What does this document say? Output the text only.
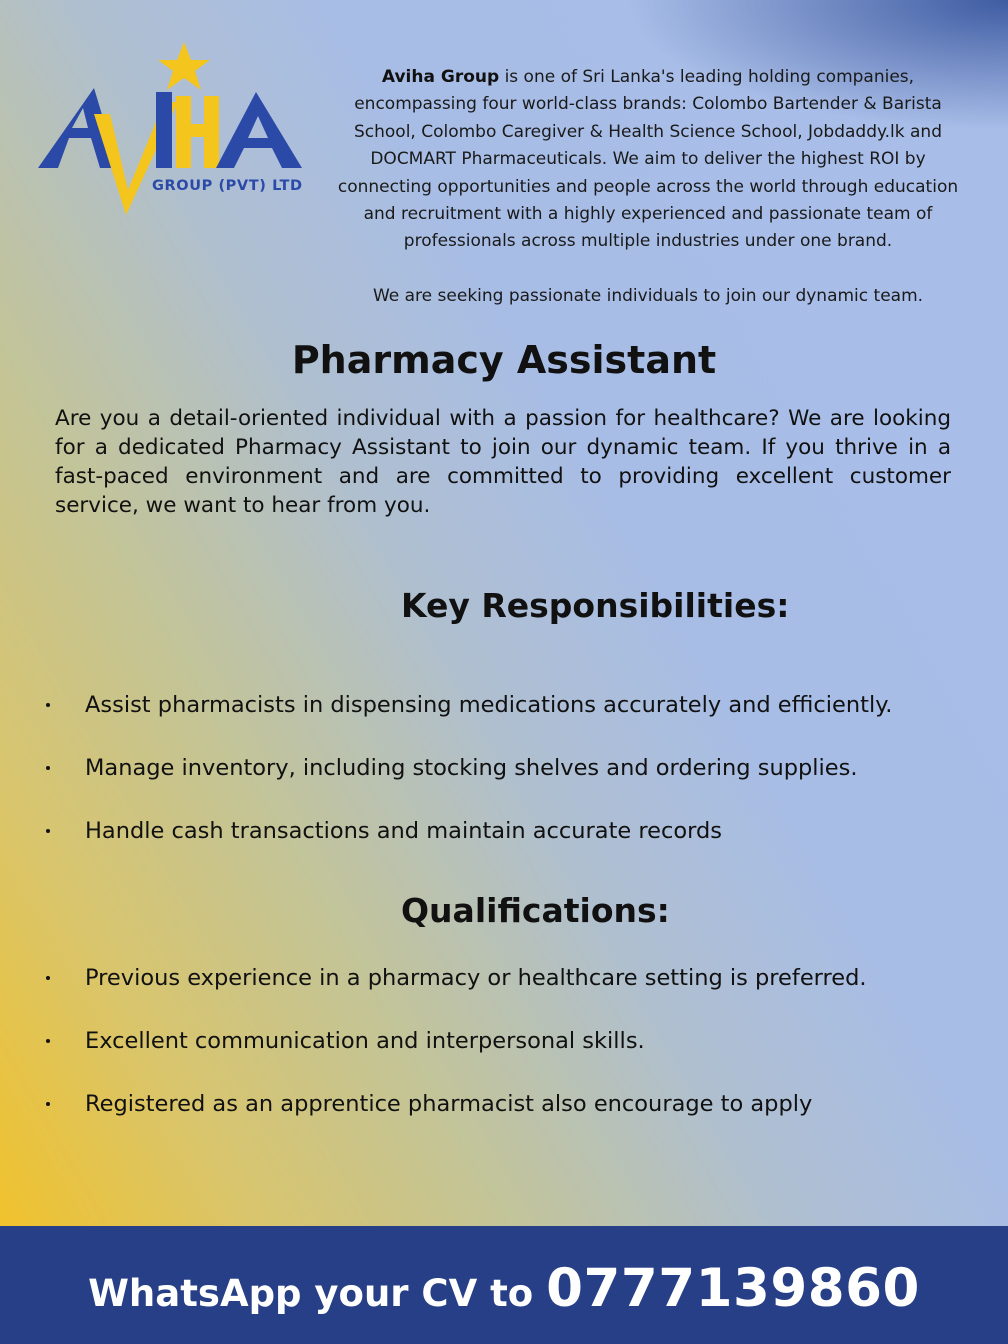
GROUP (PVT) LTD

Aviha Group is one of Sri Lanka's leading holding companies, encompassing four world-class brands: Colombo Bartender & Barista School, Colombo Caregiver & Health Science School, Jobdaddy.lk and DOCMART Pharmaceuticals. We aim to deliver the highest ROI by connecting opportunities and people across the world through education and recruitment with a highly experienced and passionate team of professionals across multiple industries under one brand.

We are seeking passionate individuals to join our dynamic team.

Pharmacy Assistant

Are you a detail-oriented individual with a passion for healthcare? We are looking for a dedicated Pharmacy Assistant to join our dynamic team. If you thrive in a fast-paced environment and are committed to providing excellent customer service, we want to hear from you.

Key Responsibilities:
Assist pharmacists in dispensing medications accurately and efficiently.
Manage inventory, including stocking shelves and ordering supplies.
Handle cash transactions and maintain accurate records
Qualifications:
Previous experience in a pharmacy or healthcare setting is preferred.
Excellent communication and interpersonal skills.
Registered as an apprentice pharmacist also encourage to apply
WhatsApp your CV to 0777139860
